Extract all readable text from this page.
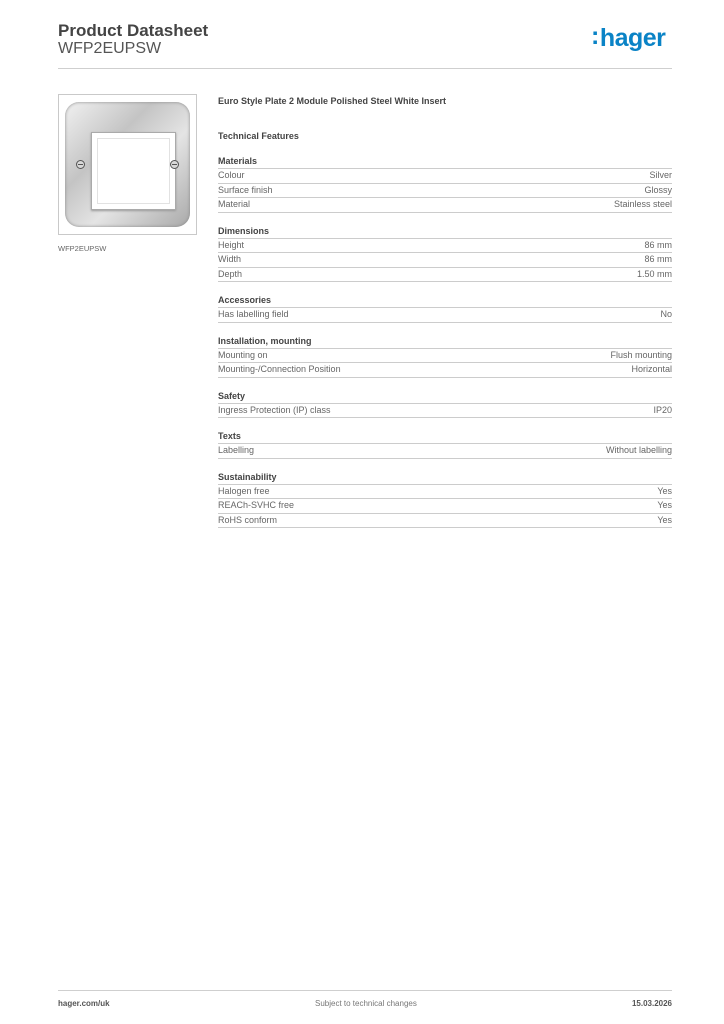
Product Datasheet
WFP2EUPSW	:hager
WFP2EUPSW
Euro Style Plate 2 Module Polished Steel White Insert
Technical Features
Materials
Colour	Silver
Surface finish	Glossy
Material	Stainless steel
Dimensions
Height	86 mm
Width	86 mm
Depth	1.50 mm
Accessories
Has labelling field	No
Installation, mounting
Mounting on	Flush mounting
Mounting-/Connection Position	Horizontal
Safety
Ingress Protection (IP) class	IP20
Texts
Labelling	Without labelling
Sustainability
Halogen free	Yes
REACh-SVHC free	Yes
RoHS conform	Yes
hager.com/uk	Subject to technical changes	15.03.2026
